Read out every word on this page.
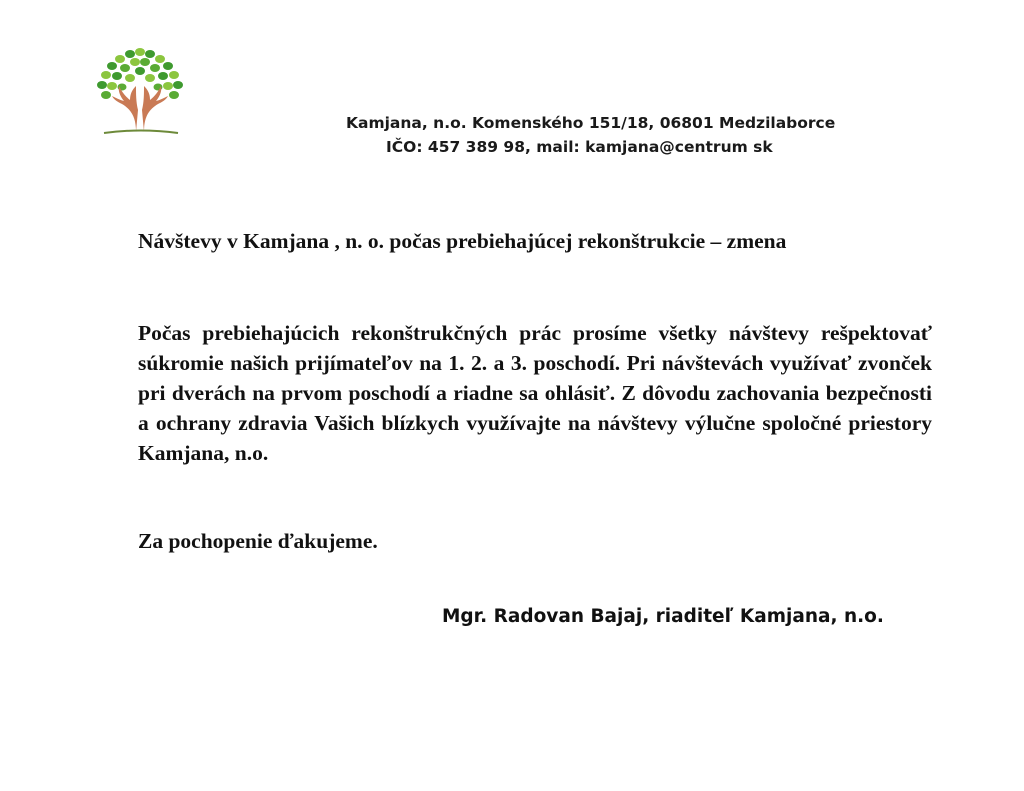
Kamjana, n.o. Komenského 151/18, 06801 Medzilaborce
IČO: 457 389 98, mail: kamjana@centrum sk
Návštevy v Kamjana , n. o. počas prebiehajúcej rekonštrukcie – zmena
Počas prebiehajúcich rekonštrukčných prác prosíme všetky návštevy rešpektovať súkromie našich prijímateľov na 1. 2. a 3. poschodí. Pri návštevách využívať zvonček pri dverách na prvom poschodí a riadne sa ohlásiť. Z dôvodu zachovania bezpečnosti a ochrany zdravia Vašich blízkych využívajte na návštevy výlučne spoločné priestory Kamjana, n.o.
Za pochopenie ďakujeme.
Mgr. Radovan Bajaj, riaditeľ Kamjana, n.o.
